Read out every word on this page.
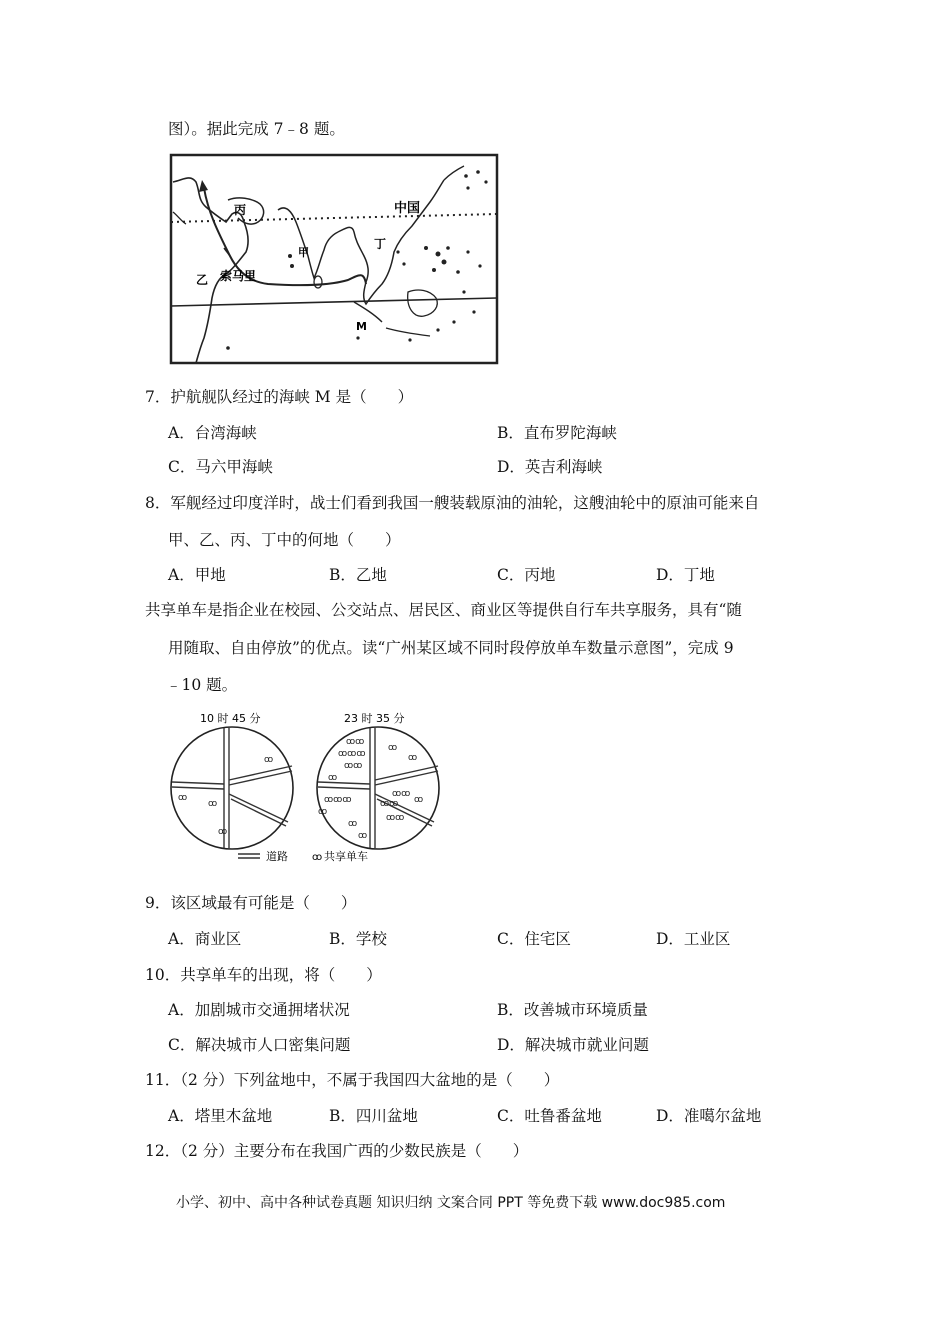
图）。据此完成 7﹣8 题。
丙	中国
甲
丁
乙 索马里
M
7．护航舰队经过的海峡 M 是（　　）
A．台湾海峡	B．直布罗陀海峡
C．马六甲海峡	D．英吉利海峡
8．军舰经过印度洋时，战士们看到我国一艘装载原油的油轮，这艘油轮中的原油可能来自
甲、乙、丙、丁中的何地（　　）
A．甲地	B．乙地	C．丙地	D．丁地
共享单车是指企业在校园、公交站点、居民区、商业区等提供自行车共享服务，具有“随
用随取、自由停放”的优点。读“广州某区域不同时段停放单车数量示意图”，完成 9
﹣10 题。
10 时 45 分
ꝏ
ꝏ
ꝏ
ꝏ
23 时 35 分
ꝏꝏ
ꝏꝏꝏ
ꝏꝏ
ꝏ
ꝏ
ꝏ
ꝏꝏꝏ
ꝏ
ꝏꝏ
ꝏꝏ
ꝏ
ꝏ
ꝏ
ꝏꝏ
道路 ꝏ 共享单车
9．该区域最有可能是（　　）
A．商业区	B．学校	C．住宅区	D．工业区
10．共享单车的出现，将（　　）
A．加剧城市交通拥堵状况	B．改善城市环境质量
C．解决城市人口密集问题	D．解决城市就业问题
11．（2 分）下列盆地中，不属于我国四大盆地的是（　　）
A．塔里木盆地	B．四川盆地	C．吐鲁番盆地	D．准噶尔盆地
12．（2 分）主要分布在我国广西的少数民族是（　　）
小学、初中、高中各种试卷真题 知识归纳 文案合同 PPT 等免费下载 www.doc985.com
